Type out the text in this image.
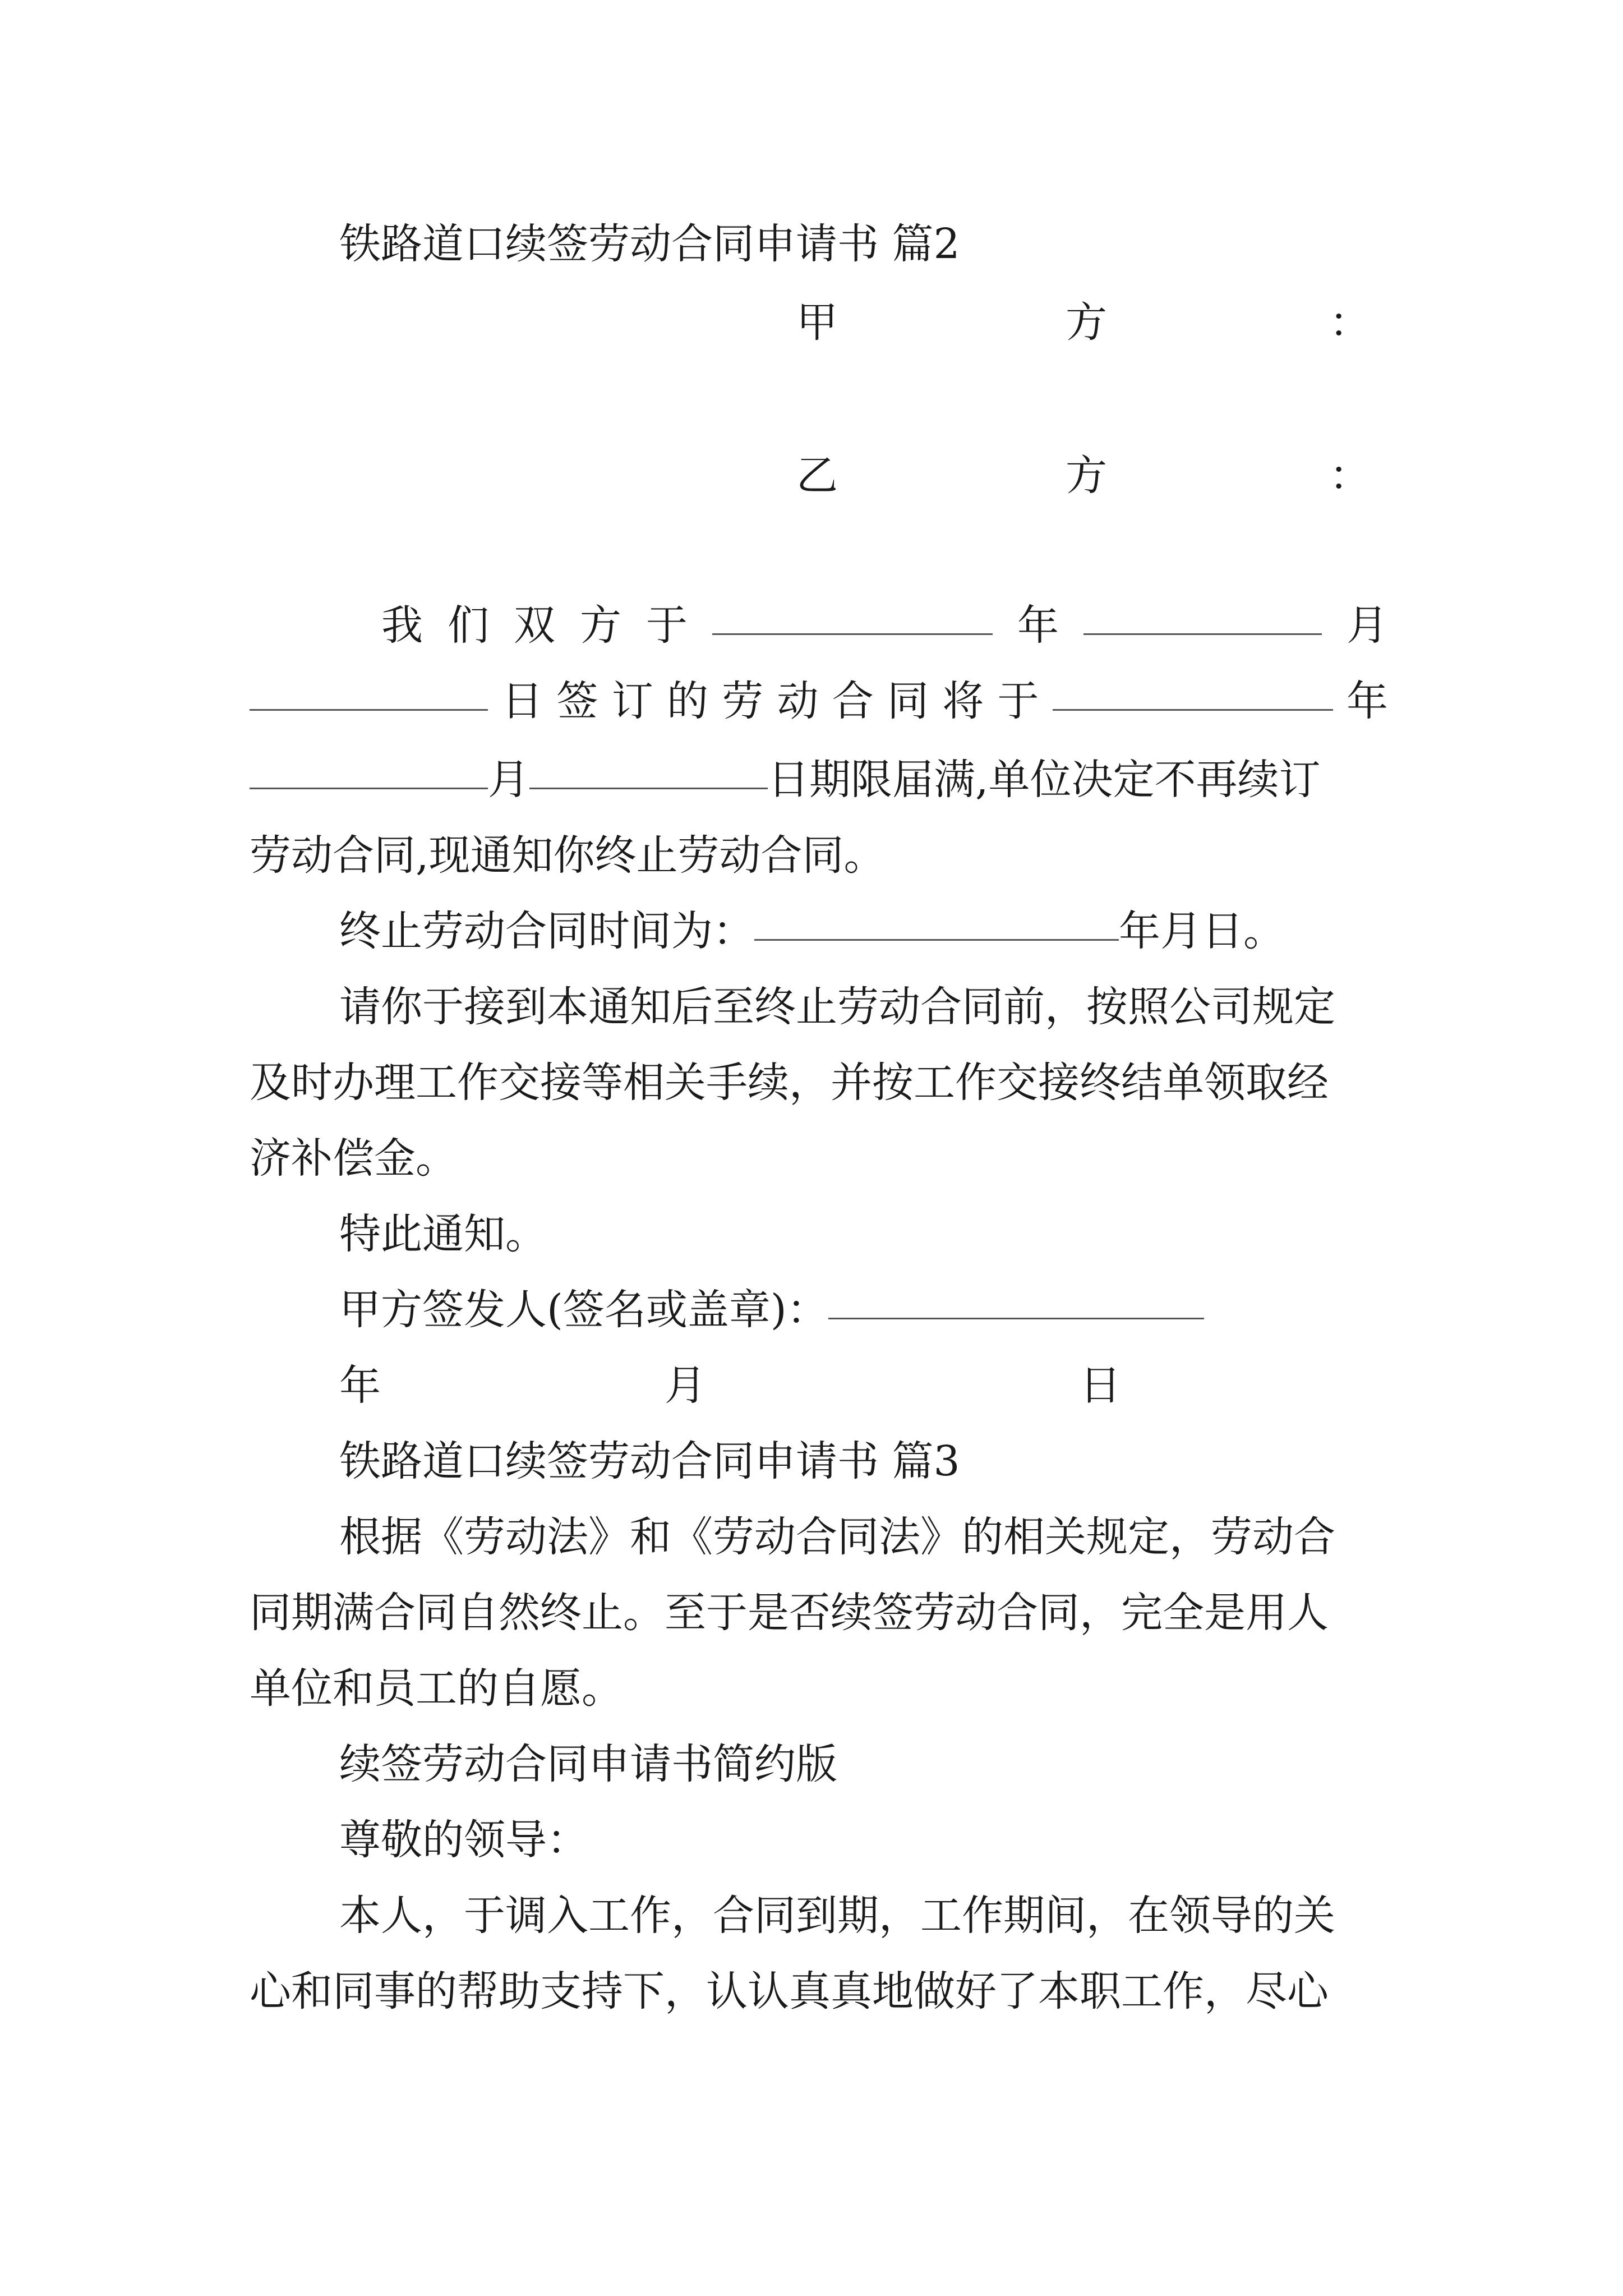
铁路道口续签劳动合同申请书 篇2
甲	方	：
乙	方	：
我 们 双 方 于	年	月
日 签 订 的 劳 动 合 同 将 于	年
月	日期限届满,单位决定不再续订
劳动合同,现通知你终止劳动合同。
终止劳动合同时间为：	年月日。
请你于接到本通知后至终止劳动合同前，按照公司规定
及时办理工作交接等相关手续，并按工作交接终结单领取经
济补偿金。
特此通知。
甲方签发人(签名或盖章)：
年	月	日
铁路道口续签劳动合同申请书 篇3
根据《劳动法》和《劳动合同法》的相关规定，劳动合
同期满合同自然终止。至于是否续签劳动合同，完全是用人
单位和员工的自愿。
续签劳动合同申请书简约版
尊敬的领导：
本人，于调入工作，合同到期，工作期间，在领导的关
心和同事的帮助支持下，认认真真地做好了本职工作，尽心
